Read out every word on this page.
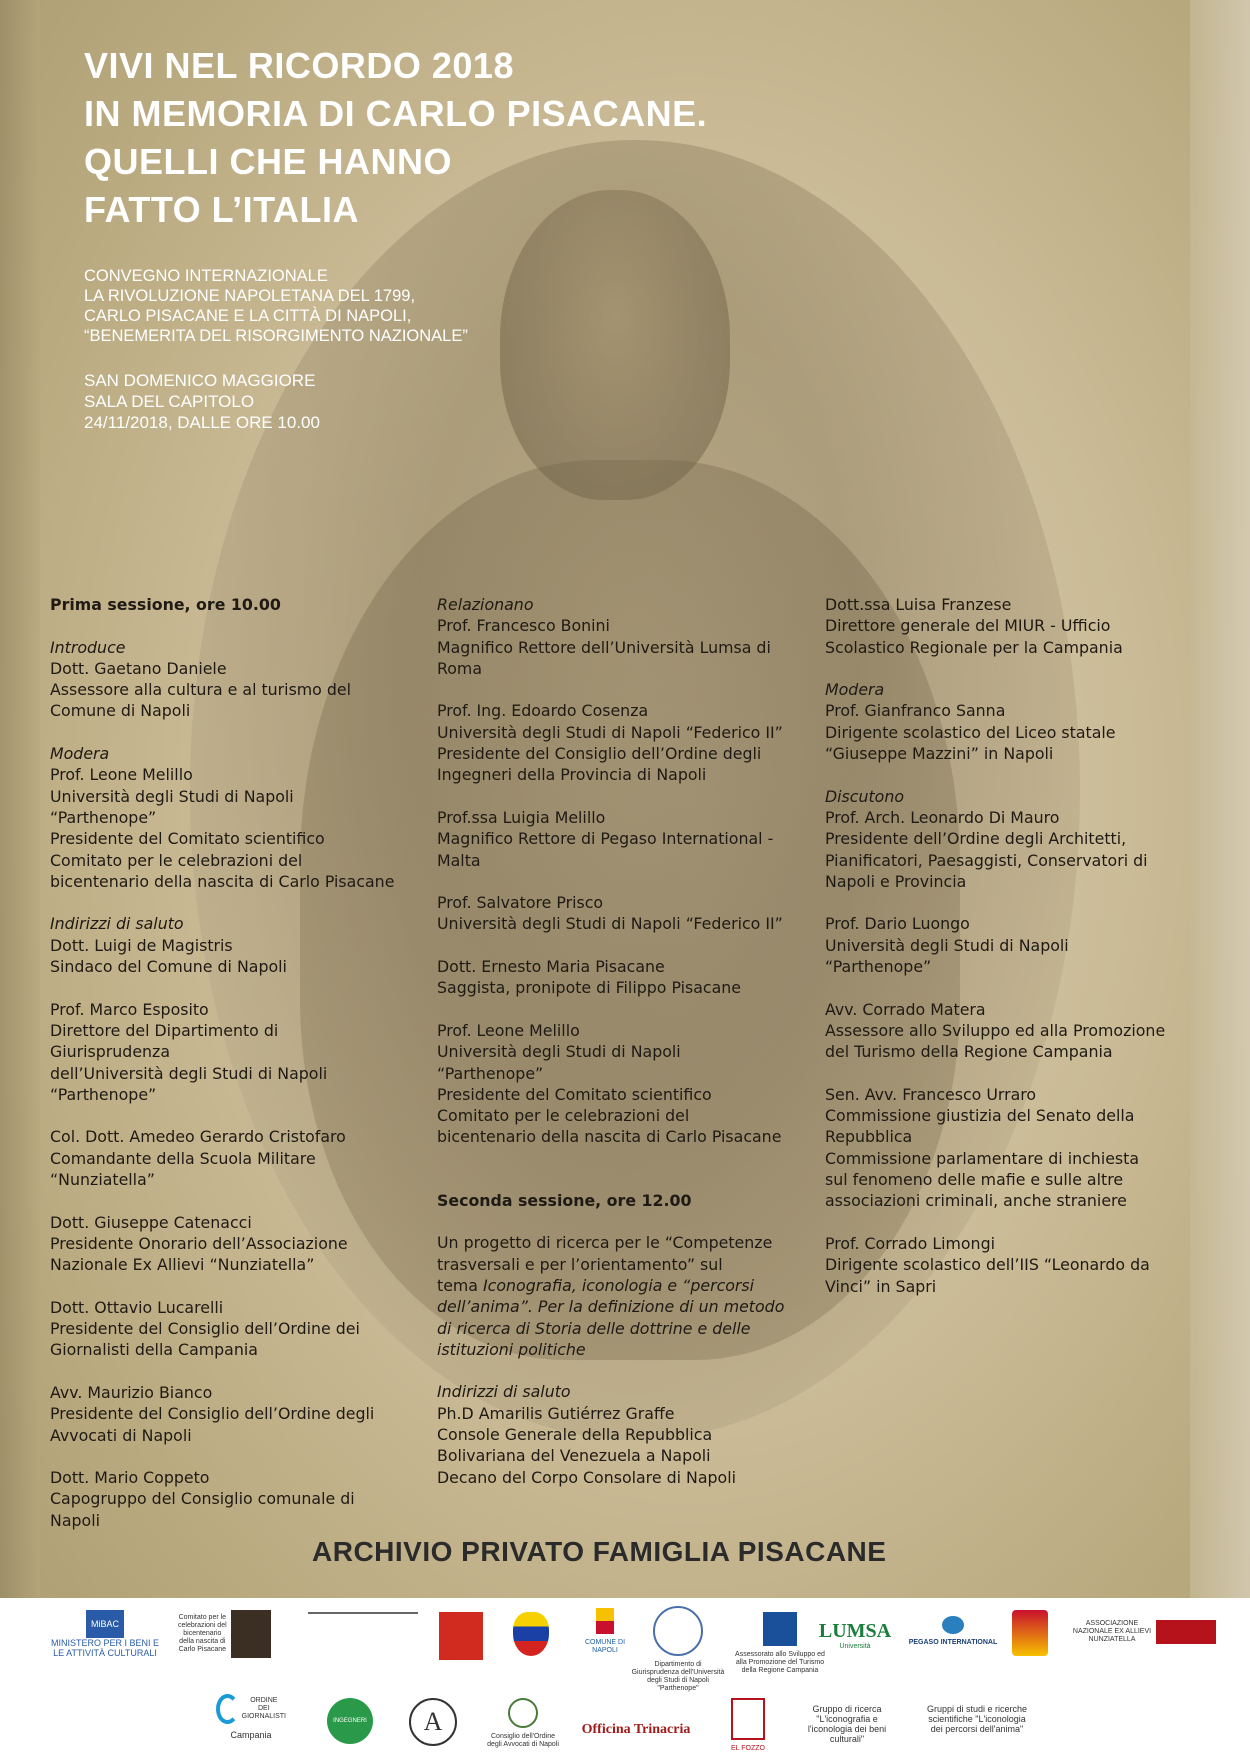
VIVI NEL RICORDO 2018
IN MEMORIA DI CARLO PISACANE.
QUELLI CHE HANNO
FATTO L’ITALIA
CONVEGNO INTERNAZIONALE
LA RIVOLUZIONE NAPOLETANA DEL 1799,
CARLO PISACANE E LA CITTÀ DI NAPOLI,
“BENEMERITA DEL RISORGIMENTO NAZIONALE”
SAN DOMENICO MAGGIORE
SALA DEL CAPITOLO
24/11/2018, DALLE ORE 10.00
Prima sessione, ore 10.00
Introduce
Dott. Gaetano Daniele
Assessore alla cultura e al turismo del
Comune di Napoli
Modera
Prof. Leone Melillo
Università degli Studi di Napoli
“Parthenope”
Presidente del Comitato scientifico
Comitato per le celebrazioni del
bicentenario della nascita di Carlo Pisacane
Indirizzi di saluto
Dott. Luigi de Magistris
Sindaco del Comune di Napoli
Prof. Marco Esposito
Direttore del Dipartimento di
Giurisprudenza
dell’Università degli Studi di Napoli
“Parthenope”
Col. Dott. Amedeo Gerardo Cristofaro
Comandante della Scuola Militare
“Nunziatella”
Dott. Giuseppe Catenacci
Presidente Onorario dell’Associazione
Nazionale Ex Allievi “Nunziatella”
Dott. Ottavio Lucarelli
Presidente del Consiglio dell’Ordine dei
Giornalisti della Campania
Avv. Maurizio Bianco
Presidente del Consiglio dell’Ordine degli
Avvocati di Napoli
Dott. Mario Coppeto
Capogruppo del Consiglio comunale di
Napoli
Relazionano
Prof. Francesco Bonini
Magnifico Rettore dell’Università Lumsa di
Roma
Prof. Ing. Edoardo Cosenza
Università degli Studi di Napoli “Federico II”
Presidente del Consiglio dell’Ordine degli
Ingegneri della Provincia di Napoli
Prof.ssa Luigia Melillo
Magnifico Rettore di Pegaso International -
Malta
Prof. Salvatore Prisco
Università degli Studi di Napoli “Federico II”
Dott. Ernesto Maria Pisacane
Saggista, pronipote di Filippo Pisacane
Prof. Leone Melillo
Università degli Studi di Napoli
“Parthenope”
Presidente del Comitato scientifico
Comitato per le celebrazioni del
bicentenario della nascita di Carlo Pisacane
Seconda sessione, ore 12.00
Un progetto di ricerca per le “Competenze
trasversali e per l’orientamento” sul
tema Iconografia, iconologia e “percorsi
dell’anima”. Per la definizione di un metodo
di ricerca di Storia delle dottrine e delle
istituzioni politiche
Indirizzi di saluto
Ph.D Amarilis Gutiérrez Graffe
Console Generale della Repubblica
Bolivariana del Venezuela a Napoli
Decano del Corpo Consolare di Napoli
Dott.ssa Luisa Franzese
Direttore generale del MIUR - Ufficio
Scolastico Regionale per la Campania
Modera
Prof. Gianfranco Sanna
Dirigente scolastico del Liceo statale
“Giuseppe Mazzini” in Napoli
Discutono
Prof. Arch. Leonardo Di Mauro
Presidente dell’Ordine degli Architetti,
Pianificatori, Paesaggisti, Conservatori di
Napoli e Provincia
Prof. Dario Luongo
Università degli Studi di Napoli
“Parthenope”
Avv. Corrado Matera
Assessore allo Sviluppo ed alla Promozione
del Turismo della Regione Campania
Sen. Avv. Francesco Urraro
Commissione giustizia del Senato della
Repubblica
Commissione parlamentare di inchiesta
sul fenomeno delle mafie e sulle altre
associazioni criminali, anche straniere
Prof. Corrado Limongi
Dirigente scolastico dell’IIS “Leonardo da
Vinci” in Sapri
ARCHIVIO PRIVATO FAMIGLIA PISACANE
MiBAC
MINISTERO PER I BENI E LE ATTIVITÀ CULTURALI
Comitato per le
celebrazioni del
bicentenario
della nascita di
Carlo Pisacane
COMUNE DI NAPOLI
Dipartimento di
Giurisprudenza dell'Università
degli Studi di Napoli
"Parthenope"
Assessorato allo Sviluppo ed
alla Promozione del Turismo
della Regione Campania
LUMSA
Università
PEGASO INTERNATIONAL
ASSOCIAZIONE NAZIONALE EX ALLIEVI NUNZIATELLA
ORDINE
DEI
GIORNALISTI
Campania
INGEGNERI	A
Consiglio dell'Ordine
degli Avvocati di Napoli
Officina Trinacria
EL FOZZO
Gruppo di ricerca
"L'iconografia e
l'iconologia dei beni
culturali"
Gruppi di studi e ricerche
scientifiche "L'iconologia
dei percorsi dell'anima"
